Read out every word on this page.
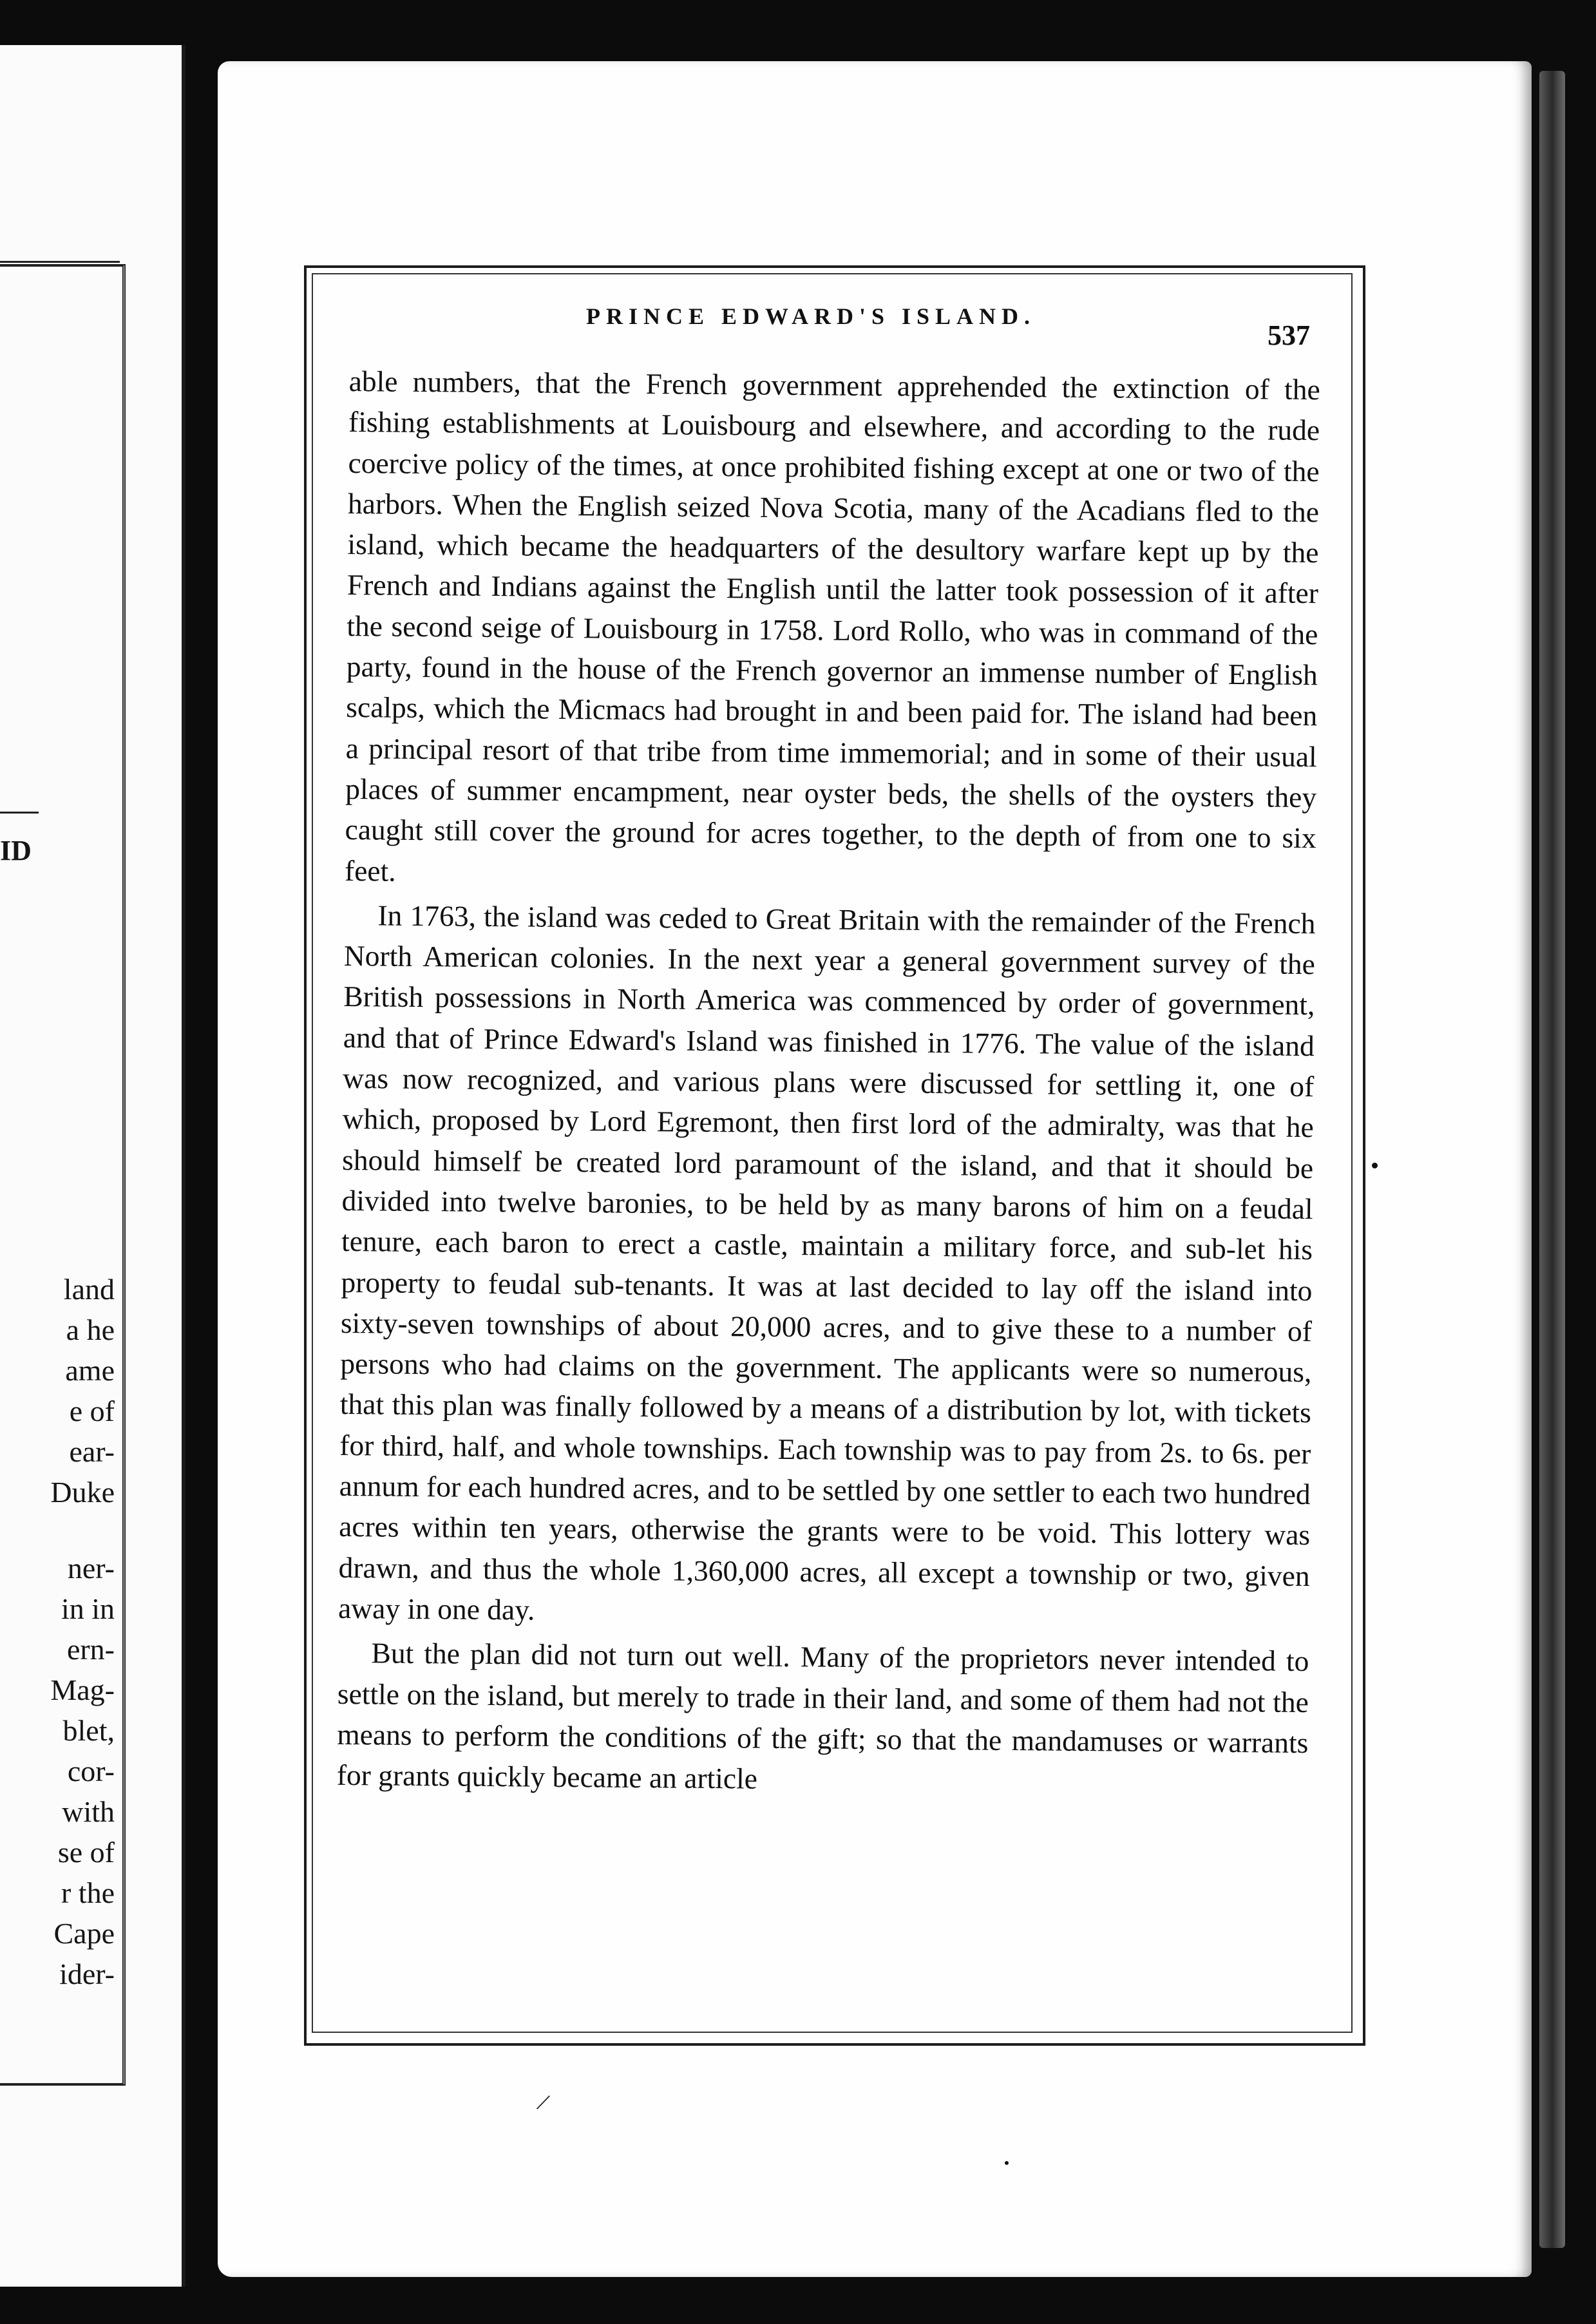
ID
land
a he
ame
e of
ear-
Duke
ner-
in in
ern-
Mag-
blet,
cor-
with
se of
r the
Cape
ider-
PRINCE EDWARD'S ISLAND.
537

able numbers, that the French government apprehended the extinction of the fishing establishments at Louisbourg and elsewhere, and according to the rude coercive policy of the times, at once prohibited fishing except at one or two of the harbors. When the English seized Nova Scotia, many of the Acadians fled to the island, which became the headquarters of the desultory warfare kept up by the French and Indians against the English until the latter took possession of it after the second seige of Louisbourg in 1758. Lord Rollo, who was in command of the party, found in the house of the French governor an immense number of English scalps, which the Micmacs had brought in and been paid for. The island had been a principal resort of that tribe from time immemorial; and in some of their usual places of summer encampment, near oyster beds, the shells of the oysters they caught still cover the ground for acres together, to the depth of from one to six feet.

In 1763, the island was ceded to Great Britain with the remainder of the French North American colonies. In the next year a general government survey of the British possessions in North America was commenced by order of government, and that of Prince Edward's Island was finished in 1776. The value of the island was now recognized, and various plans were discussed for settling it, one of which, proposed by Lord Egremont, then first lord of the admiralty, was that he should himself be created lord paramount of the island, and that it should be divided into twelve baronies, to be held by as many barons of him on a feudal tenure, each baron to erect a castle, maintain a military force, and sub-let his property to feudal sub-tenants. It was at last decided to lay off the island into sixty-seven townships of about 20,000 acres, and to give these to a number of persons who had claims on the government. The applicants were so numerous, that this plan was finally followed by a means of a distribution by lot, with tickets for third, half, and whole townships. Each township was to pay from 2s. to 6s. per annum for each hundred acres, and to be settled by one settler to each two hundred acres within ten years, otherwise the grants were to be void. This lottery was drawn, and thus the whole 1,360,000 acres, all except a township or two, given away in one day.

But the plan did not turn out well. Many of the proprietors never intended to settle on the island, but merely to trade in their land, and some of them had not the means to perform the conditions of the gift; so that the mandamuses or warrants for grants quickly became an article

/
